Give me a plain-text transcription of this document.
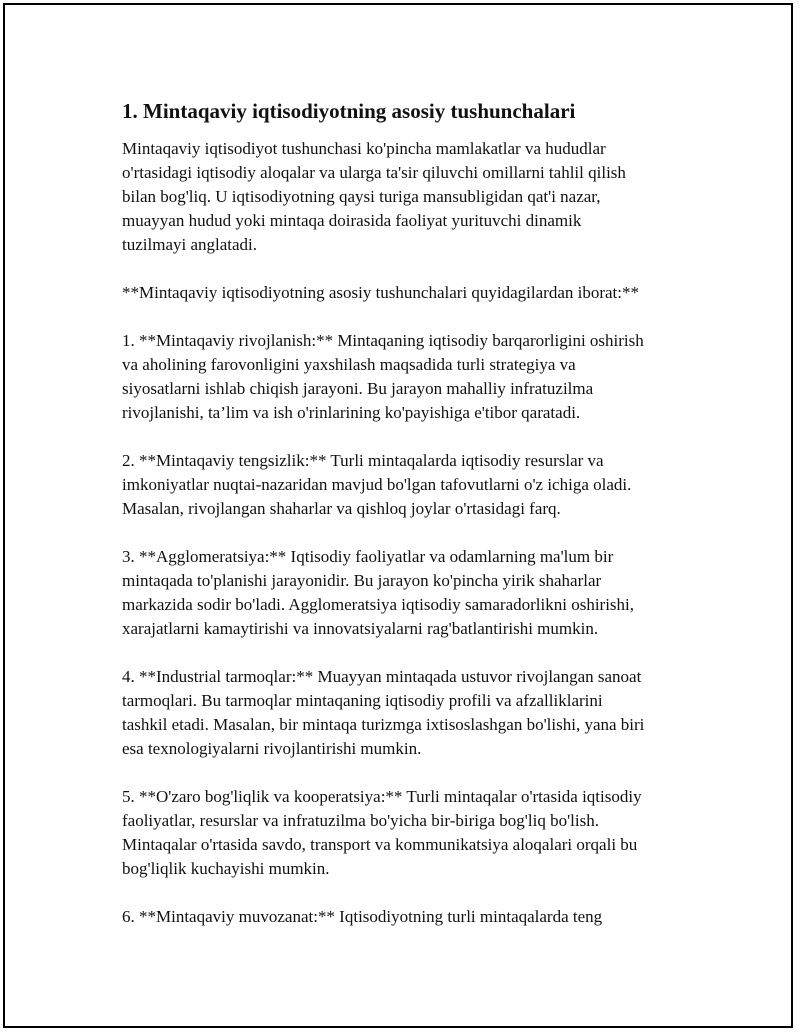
1. Mintaqaviy iqtisodiyotning asosiy tushunchalari

Mintaqaviy iqtisodiyot tushunchasi ko'pincha mamlakatlar va hududlar
o'rtasidagi iqtisodiy aloqalar va ularga ta'sir qiluvchi omillarni tahlil qilish
bilan bog'liq. U iqtisodiyotning qaysi turiga mansubligidan qat'i nazar,
muayyan hudud yoki mintaqa doirasida faoliyat yurituvchi dinamik
tuzilmayi anglatadi.

**Mintaqaviy iqtisodiyotning asosiy tushunchalari quyidagilardan iborat:**

1. **Mintaqaviy rivojlanish:** Mintaqaning iqtisodiy barqarorligini oshirish
va aholining farovonligini yaxshilash maqsadida turli strategiya va
siyosatlarni ishlab chiqish jarayoni. Bu jarayon mahalliy infratuzilma
rivojlanishi, ta’lim va ish o'rinlarining ko'payishiga e'tibor qaratadi.

2. **Mintaqaviy tengsizlik:** Turli mintaqalarda iqtisodiy resurslar va
imkoniyatlar nuqtai-nazaridan mavjud bo'lgan tafovutlarni o'z ichiga oladi.
Masalan, rivojlangan shaharlar va qishloq joylar o'rtasidagi farq.

3. **Agglomeratsiya:** Iqtisodiy faoliyatlar va odamlarning ma'lum bir
mintaqada to'planishi jarayonidir. Bu jarayon ko'pincha yirik shaharlar
markazida sodir bo'ladi. Agglomeratsiya iqtisodiy samaradorlikni oshirishi,
xarajatlarni kamaytirishi va innovatsiyalarni rag'batlantirishi mumkin.

4. **Industrial tarmoqlar:** Muayyan mintaqada ustuvor rivojlangan sanoat
tarmoqlari. Bu tarmoqlar mintaqaning iqtisodiy profili va afzalliklarini
tashkil etadi. Masalan, bir mintaqa turizmga ixtisoslashgan bo'lishi, yana biri
esa texnologiyalarni rivojlantirishi mumkin.

5. **O'zaro bog'liqlik va kooperatsiya:** Turli mintaqalar o'rtasida iqtisodiy
faoliyatlar, resurslar va infratuzilma bo'yicha bir-biriga bog'liq bo'lish.
Mintaqalar o'rtasida savdo, transport va kommunikatsiya aloqalari orqali bu
bog'liqlik kuchayishi mumkin.

6. **Mintaqaviy muvozanat:** Iqtisodiyotning turli mintaqalarda teng
